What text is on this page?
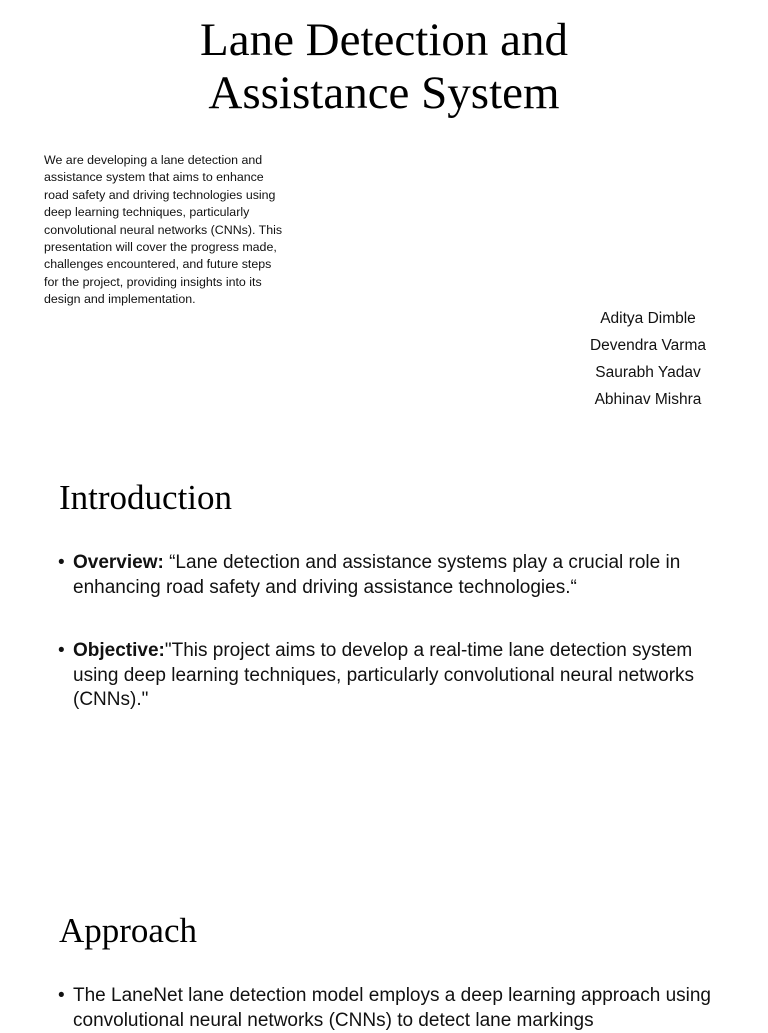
Lane Detection and
Assistance System

We are developing a lane detection and assistance system that aims to enhance road safety and driving technologies using deep learning techniques, particularly convolutional neural networks (CNNs). This presentation will cover the progress made, challenges encountered, and future steps for the project, providing insights into its design and implementation.

Aditya Dimble
Devendra Varma
Saurabh Yadav
Abhinav Mishra
Introduction

• Overview: “Lane detection and assistance systems play a crucial role in enhancing road safety and driving assistance technologies.“

• Objective:"This project aims to develop a real-time lane detection system using deep learning techniques, particularly convolutional neural networks (CNNs)."

Approach

• The LaneNet lane detection model employs a deep learning approach using convolutional neural networks (CNNs) to detect lane markings
